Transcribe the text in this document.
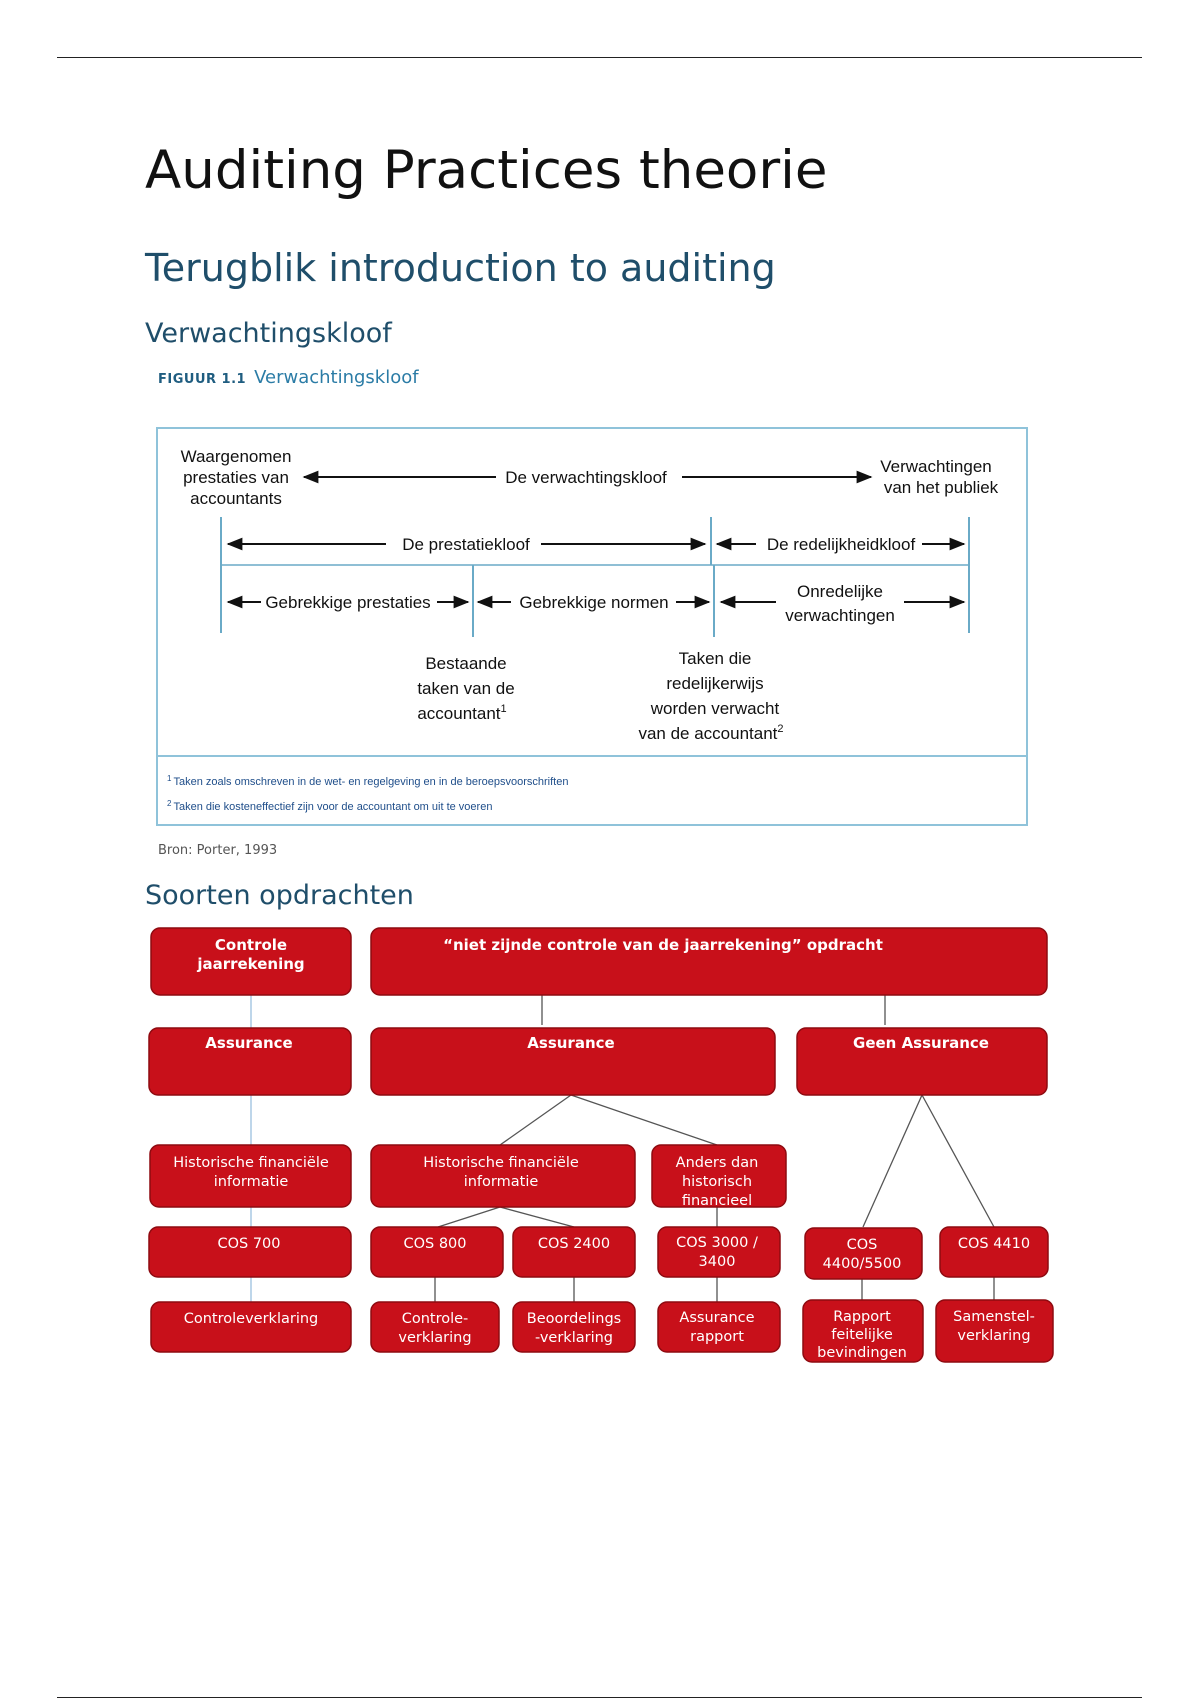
Auditing Practices theorie
Terugblik introduction to auditing
Verwachtingskloof
FIGUUR 1.1 Verwachtingskloof
Waargenomen
prestaties van
accountants
De verwachtingskloof
Verwachtingen
van het publiek
De prestatiekloof	De redelijkheidkloof
Gebrekkige prestaties	Gebrekkige normen
Onredelijke
verwachtingen
Bestaande
taken van de
accountant$^1$
Taken die
redelijkerwijs
worden verwacht
van de accountant$^2$
$^1$ Taken zoals omschreven in de wet- en regelgeving en in de beroepsvoorschriften
$^2$ Taken die kosteneffectief zijn voor de accountant om uit te voeren
Bron: Porter, 1993
Soorten opdrachten
Controle
jaarrekening
“niet zijnde controle van de jaarrekening” opdracht
Assurance	Assurance	Geen Assurance
Historische financiële
informatie
Historische financiële
informatie
Anders dan
historisch
financieel
COS 700	COS 800	COS 2400	COS 3000 /
3400
COS
4400/5500
COS 4410
Controleverklaring	Controle-
verklaring
Beoordelings
-verklaring
Assurance
rapport
Rapport
feitelijke
bevindingen
Samenstel-
verklaring
